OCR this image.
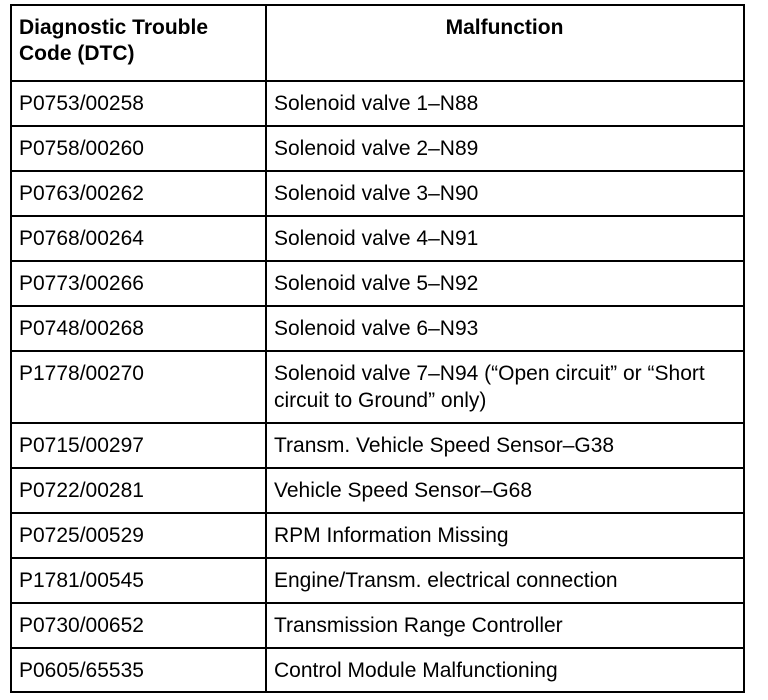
Diagnostic Trouble Code (DTC)	Malfunction
P0753/00258	Solenoid valve 1–N88
P0758/00260	Solenoid valve 2–N89
P0763/00262	Solenoid valve 3–N90
P0768/00264	Solenoid valve 4–N91
P0773/00266	Solenoid valve 5–N92
P0748/00268	Solenoid valve 6–N93
P1778/00270	Solenoid valve 7–N94 (“Open circuit” or “Short circuit to Ground” only)
P0715/00297	Transm. Vehicle Speed Sensor–G38
P0722/00281	Vehicle Speed Sensor–G68
P0725/00529	RPM Information Missing
P1781/00545	Engine/Transm. electrical connection
P0730/00652	Transmission Range Controller
P0605/65535	Control Module Malfunctioning
